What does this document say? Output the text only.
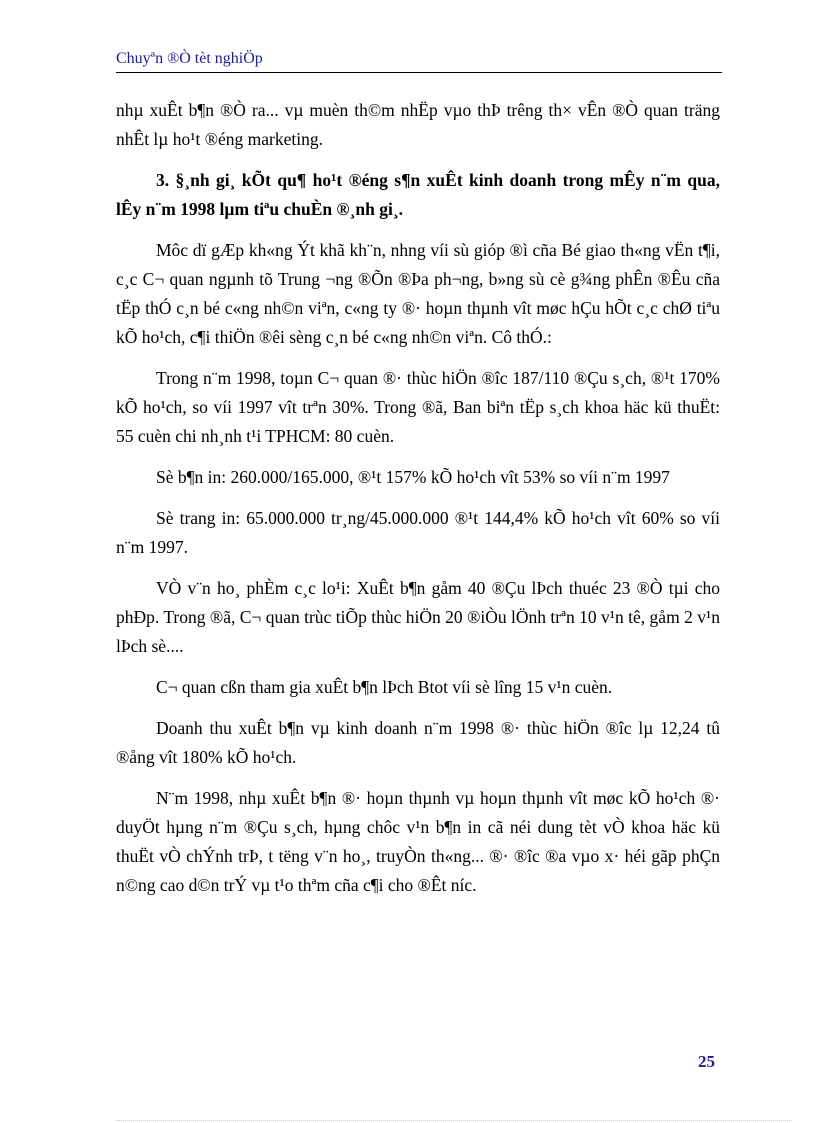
Chuyªn ®Ò tèt nghiÖp

nhµ xuÊt b¶n ®Ò ra... vµ muèn th©m nhËp vµo thÞ trêng th× vÊn ®Ò quan träng nhÊt lµ ho¹t ®éng marketing.

3. §¸nh gi¸ kÕt qu¶ ho¹t ®éng s¶n xuÊt kinh doanh trong mÊy n¨m qua, lÊy n¨m 1998 lµm tiªu chuÈn ®¸nh gi¸.

Môc dï gÆp kh«ng Ýt khã kh¨n, nhng víi sù gióp ®ì cña Bé giao th«ng vËn t¶i, c¸c C¬ quan ngµnh tõ Trung ¬ng ®Õn ®Þa ph¬ng, b»ng sù cè g¾ng phÊn ®Êu cña tËp thÓ c¸n bé c«ng nh©n viªn, c«ng ty ®· hoµn thµnh vît møc hÇu hÕt c¸c chØ tiªu kÕ ho¹ch, c¶i thiÖn ®êi sèng c¸n bé c«ng nh©n viªn. Cô thÓ.:

Trong n¨m 1998, toµn C¬ quan ®· thùc hiÖn ®îc 187/110 ®Çu s¸ch, ®¹t 170% kÕ ho¹ch, so víi 1997 vît trªn 30%. Trong ®ã, Ban biªn tËp s¸ch khoa häc kü thuËt: 55 cuèn chi nh¸nh t¹i TPHCM: 80 cuèn.

Sè b¶n in: 260.000/165.000, ®¹t 157% kÕ ho¹ch vît 53% so víi n¨m 1997

Sè trang in: 65.000.000 tr¸ng/45.000.000 ®¹t 144,4% kÕ ho¹ch vît 60% so víi n¨m 1997.

VÒ v¨n ho¸ phÈm c¸c lo¹i: XuÊt b¶n gåm 40 ®Çu lÞch thuéc 23 ®Ò tµi cho phÐp. Trong ®ã, C¬ quan trùc tiÕp thùc hiÖn 20 ®iÒu lÖnh trªn 10 v¹n tê, gåm 2 v¹n lÞch sè....

C¬ quan cßn tham gia xuÊt b¶n lÞch Btot víi sè lîng 15 v¹n cuèn.

Doanh thu xuÊt b¶n vµ kinh doanh n¨m 1998 ®· thùc hiÖn ®îc lµ 12,24 tû ®ång vît 180% kÕ ho¹ch.

N¨m 1998, nhµ xuÊt b¶n ®· hoµn thµnh vµ hoµn thµnh vît møc kÕ ho¹ch ®· duyÖt hµng n¨m ®Çu s¸ch, hµng chôc v¹n b¶n in cã néi dung tèt vÒ khoa häc kü thuËt vÒ chÝnh trÞ, t tëng v¨n ho¸, truyÒn th«ng... ®· ®îc ®a vµo x· héi gãp phÇn n©ng cao d©n trÝ vµ t¹o thªm cña c¶i cho ®Êt níc.

25
